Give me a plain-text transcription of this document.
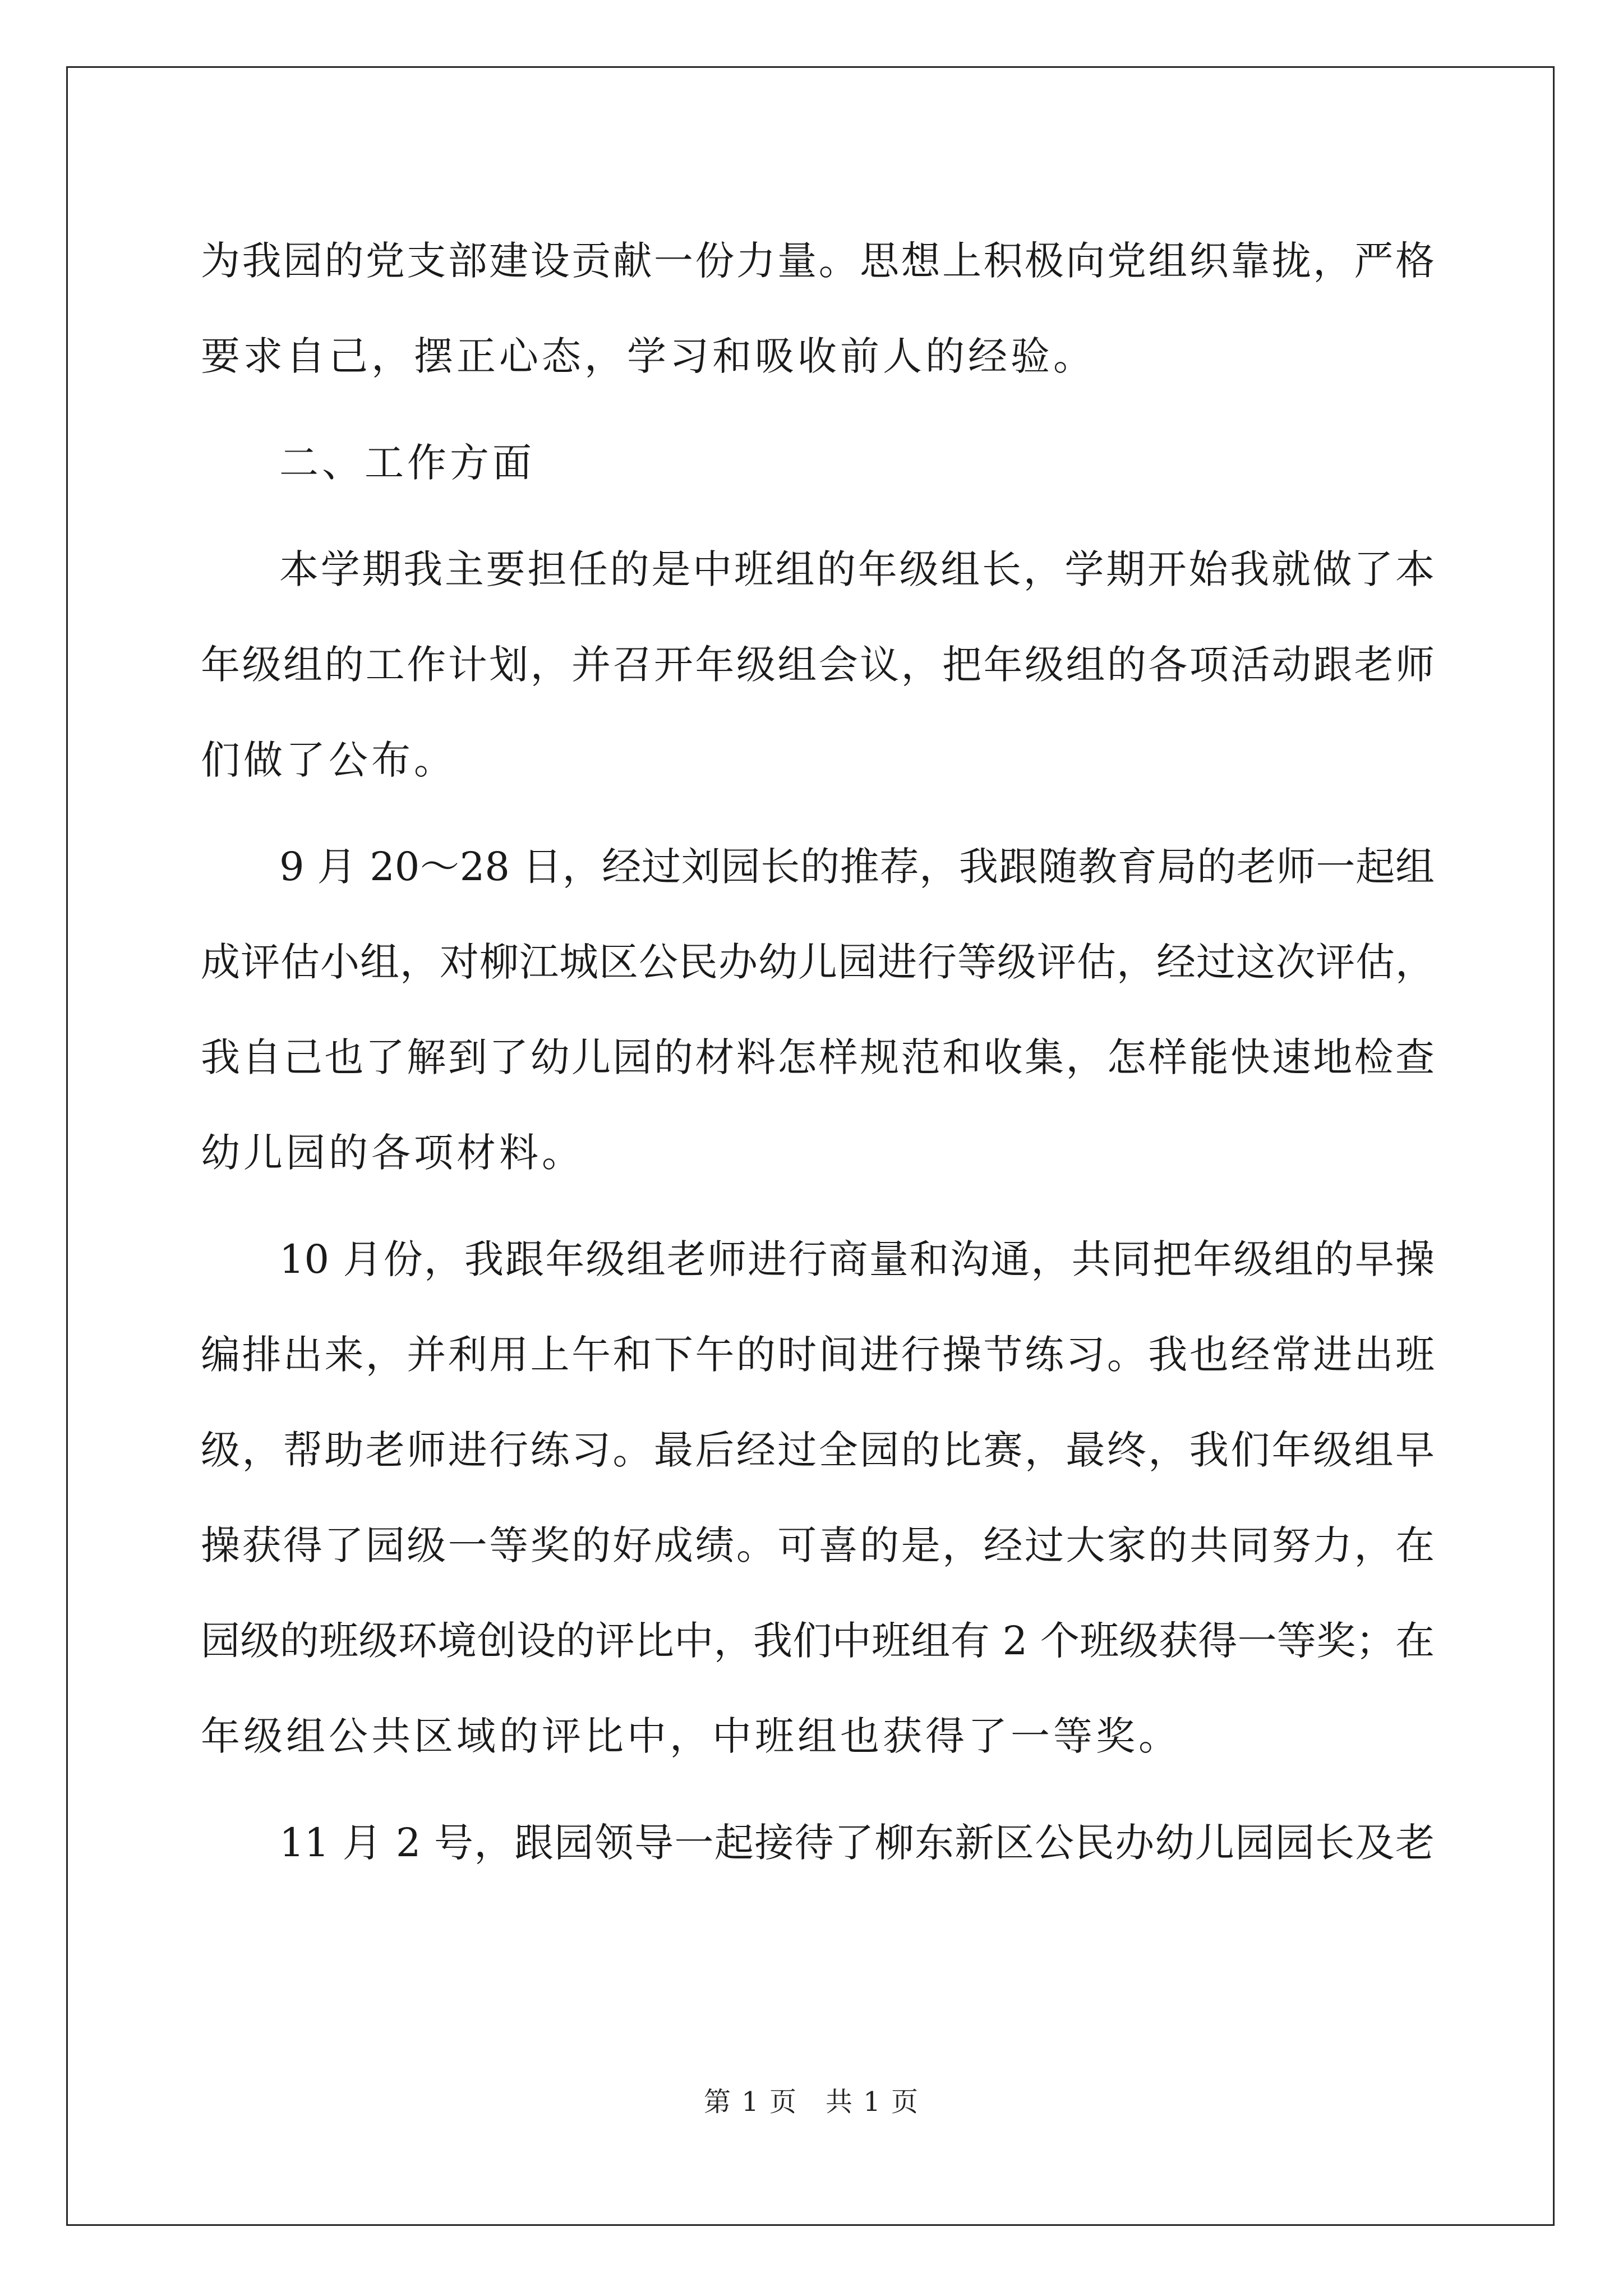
为我园的党支部建设贡献一份力量。思想上积极向党组织靠拢，严格
要求自己，摆正心态，学习和吸收前人的经验。
二、工作方面
本学期我主要担任的是中班组的年级组长，学期开始我就做了本
年级组的工作计划，并召开年级组会议，把年级组的各项活动跟老师
们做了公布。
9 月 20～28 日，经过刘园长的推荐，我跟随教育局的老师一起组
成评估小组，对柳江城区公民办幼儿园进行等级评估，经过这次评估，
我自己也了解到了幼儿园的材料怎样规范和收集，怎样能快速地检查
幼儿园的各项材料。
10 月份，我跟年级组老师进行商量和沟通，共同把年级组的早操
编排出来，并利用上午和下午的时间进行操节练习。我也经常进出班
级，帮助老师进行练习。最后经过全园的比赛，最终，我们年级组早
操获得了园级一等奖的好成绩。可喜的是，经过大家的共同努力，在
园级的班级环境创设的评比中，我们中班组有 2 个班级获得一等奖；在
年级组公共区域的评比中，中班组也获得了一等奖。
11 月 2 号，跟园领导一起接待了柳东新区公民办幼儿园园长及老
第 1 页　共 1 页
